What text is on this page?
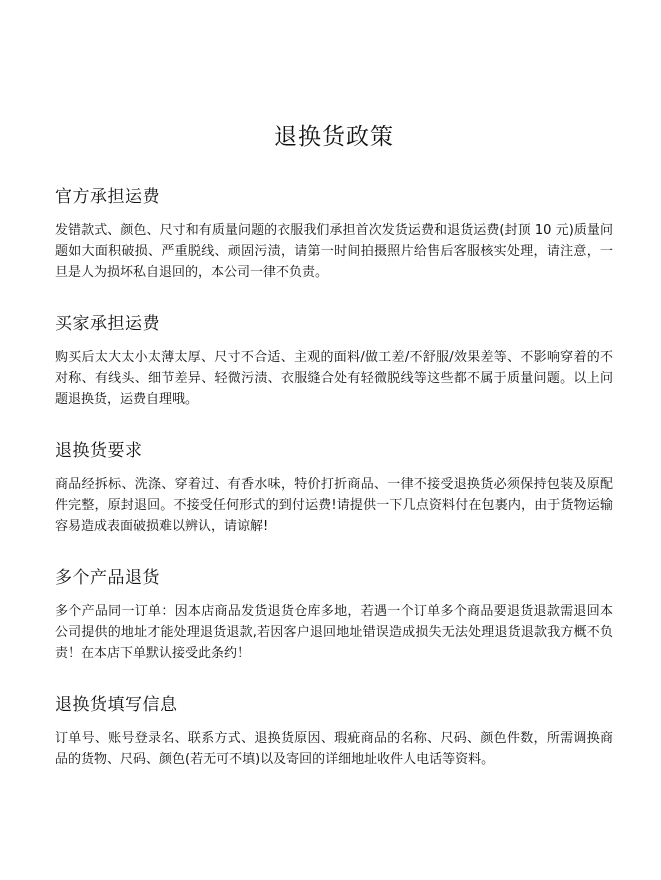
退换货政策
官方承担运费

发错款式、颜色、尺寸和有质量问题的衣服我们承担首次发货运费和退货运费(封顶 10 元)质量问题如大面积破损、严重脱线、顽固污渍，请第一时间拍摄照片给售后客服核实处理，请注意，一旦是人为损坏私自退回的，本公司一律不负责。

买家承担运费

购买后太大太小太薄太厚、尺寸不合适、主观的面料/做工差/不舒服/效果差等、不影响穿着的不对称、有线头、细节差异、轻微污渍、衣服缝合处有轻微脱线等这些都不属于质量问题。以上问题退换货，运费自理哦。

退换货要求

商品经拆标、洗涤、穿着过、有香水味，特价打折商品、一律不接受退换货必须保持包装及原配件完整，原封退回。不接受任何形式的到付运费!请提供一下几点资料付在包裹内，由于货物运输容易造成表面破损难以辨认，请谅解!

多个产品退货

多个产品同一订单：因本店商品发货退货仓库多地，若遇一个订单多个商品要退货退款需退回本公司提供的地址才能处理退货退款,若因客户退回地址错误造成损失无法处理退货退款我方概不负责！在本店下单默认接受此条约！

退换货填写信息

订单号、账号登录名、联系方式、退换货原因、瑕疵商品的名称、尺码、颜色件数，所需调换商品的货物、尺码、颜色(若无可不填)以及寄回的详细地址收件人电话等资料。
